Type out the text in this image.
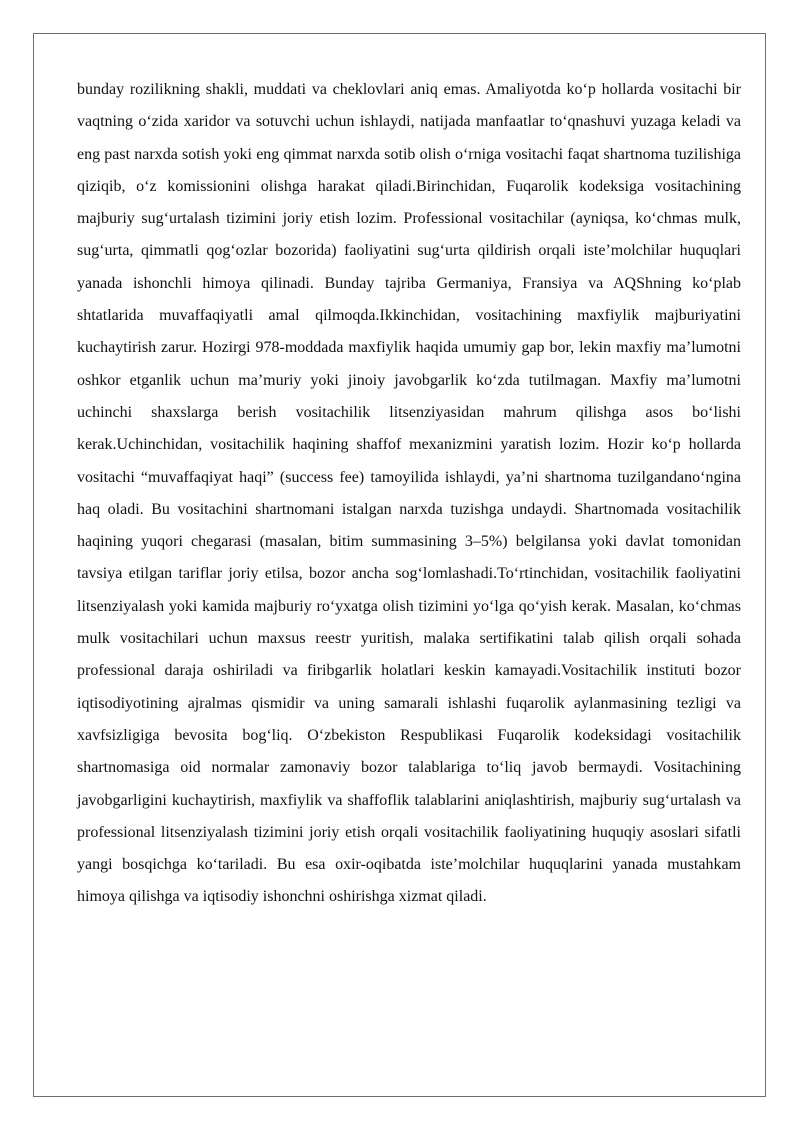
bunday rozilikning shakli, muddati va cheklovlari aniq emas. Amaliyotda koʻp hollarda vositachi bir vaqtning oʻzida xaridor va sotuvchi uchun ishlaydi, natijada manfaatlar toʻqnashuvi yuzaga keladi va eng past narxda sotish yoki eng qimmat narxda sotib olish oʻrniga vositachi faqat shartnoma tuzilishiga qiziqib, oʻz komissionini olishga harakat qiladi.Birinchidan, Fuqarolik kodeksiga vositachining majburiy sugʻurtalash tizimini joriy etish lozim. Professional vositachilar (ayniqsa, koʻchmas mulk, sugʻurta, qimmatli qogʻozlar bozorida) faoliyatini sugʻurta qildirish orqali isteʼmolchilar huquqlari yanada ishonchli himoya qilinadi. Bunday tajriba Germaniya, Fransiya va AQShning koʻplab shtatlarida muvaffaqiyatli amal qilmoqda.Ikkinchidan, vositachining maxfiylik majburiyatini kuchaytirish zarur. Hozirgi 978-moddada maxfiylik haqida umumiy gap bor, lekin maxfiy maʼlumotni oshkor etganlik uchun maʼmuriy yoki jinoiy javobgarlik koʻzda tutilmagan. Maxfiy maʼlumotni uchinchi shaxslarga berish vositachilik litsenziyasidan mahrum qilishga asos boʻlishi kerak.Uchinchidan, vositachilik haqining shaffof mexanizmini yaratish lozim. Hozir koʻp hollarda vositachi “muvaffaqiyat haqi” (success fee) tamoyilida ishlaydi, yaʼni shartnoma tuzilgandanoʻngina haq oladi. Bu vositachini shartnomani istalgan narxda tuzishga undaydi. Shartnomada vositachilik haqining yuqori chegarasi (masalan, bitim summasining 3–5%) belgilansa yoki davlat tomonidan tavsiya etilgan tariflar joriy etilsa, bozor ancha sogʻlomlashadi.Toʻrtinchidan, vositachilik faoliyatini litsenziyalash yoki kamida majburiy roʻyxatga olish tizimini yoʻlga qoʻyish kerak. Masalan, koʻchmas mulk vositachilari uchun maxsus reestr yuritish, malaka sertifikatini talab qilish orqali sohada professional daraja oshiriladi va firibgarlik holatlari keskin kamayadi.Vositachilik instituti bozor iqtisodiyotining ajralmas qismidir va uning samarali ishlashi fuqarolik aylanmasining tezligi va xavfsizligiga bevosita bogʻliq. Oʻzbekiston Respublikasi Fuqarolik kodeksidagi vositachilik shartnomasiga oid normalar zamonaviy bozor talablariga toʻliq javob bermaydi. Vositachining javobgarligini kuchaytirish, maxfiylik va shaffoflik talablarini aniqlashtirish, majburiy sugʻurtalash va professional litsenziyalash tizimini joriy etish orqali vositachilik faoliyatining huquqiy asoslari sifatli yangi bosqichga koʻtariladi. Bu esa oxir-oqibatda isteʼmolchilar huquqlarini yanada mustahkam himoya qilishga va iqtisodiy ishonchni oshirishga xizmat qiladi.
